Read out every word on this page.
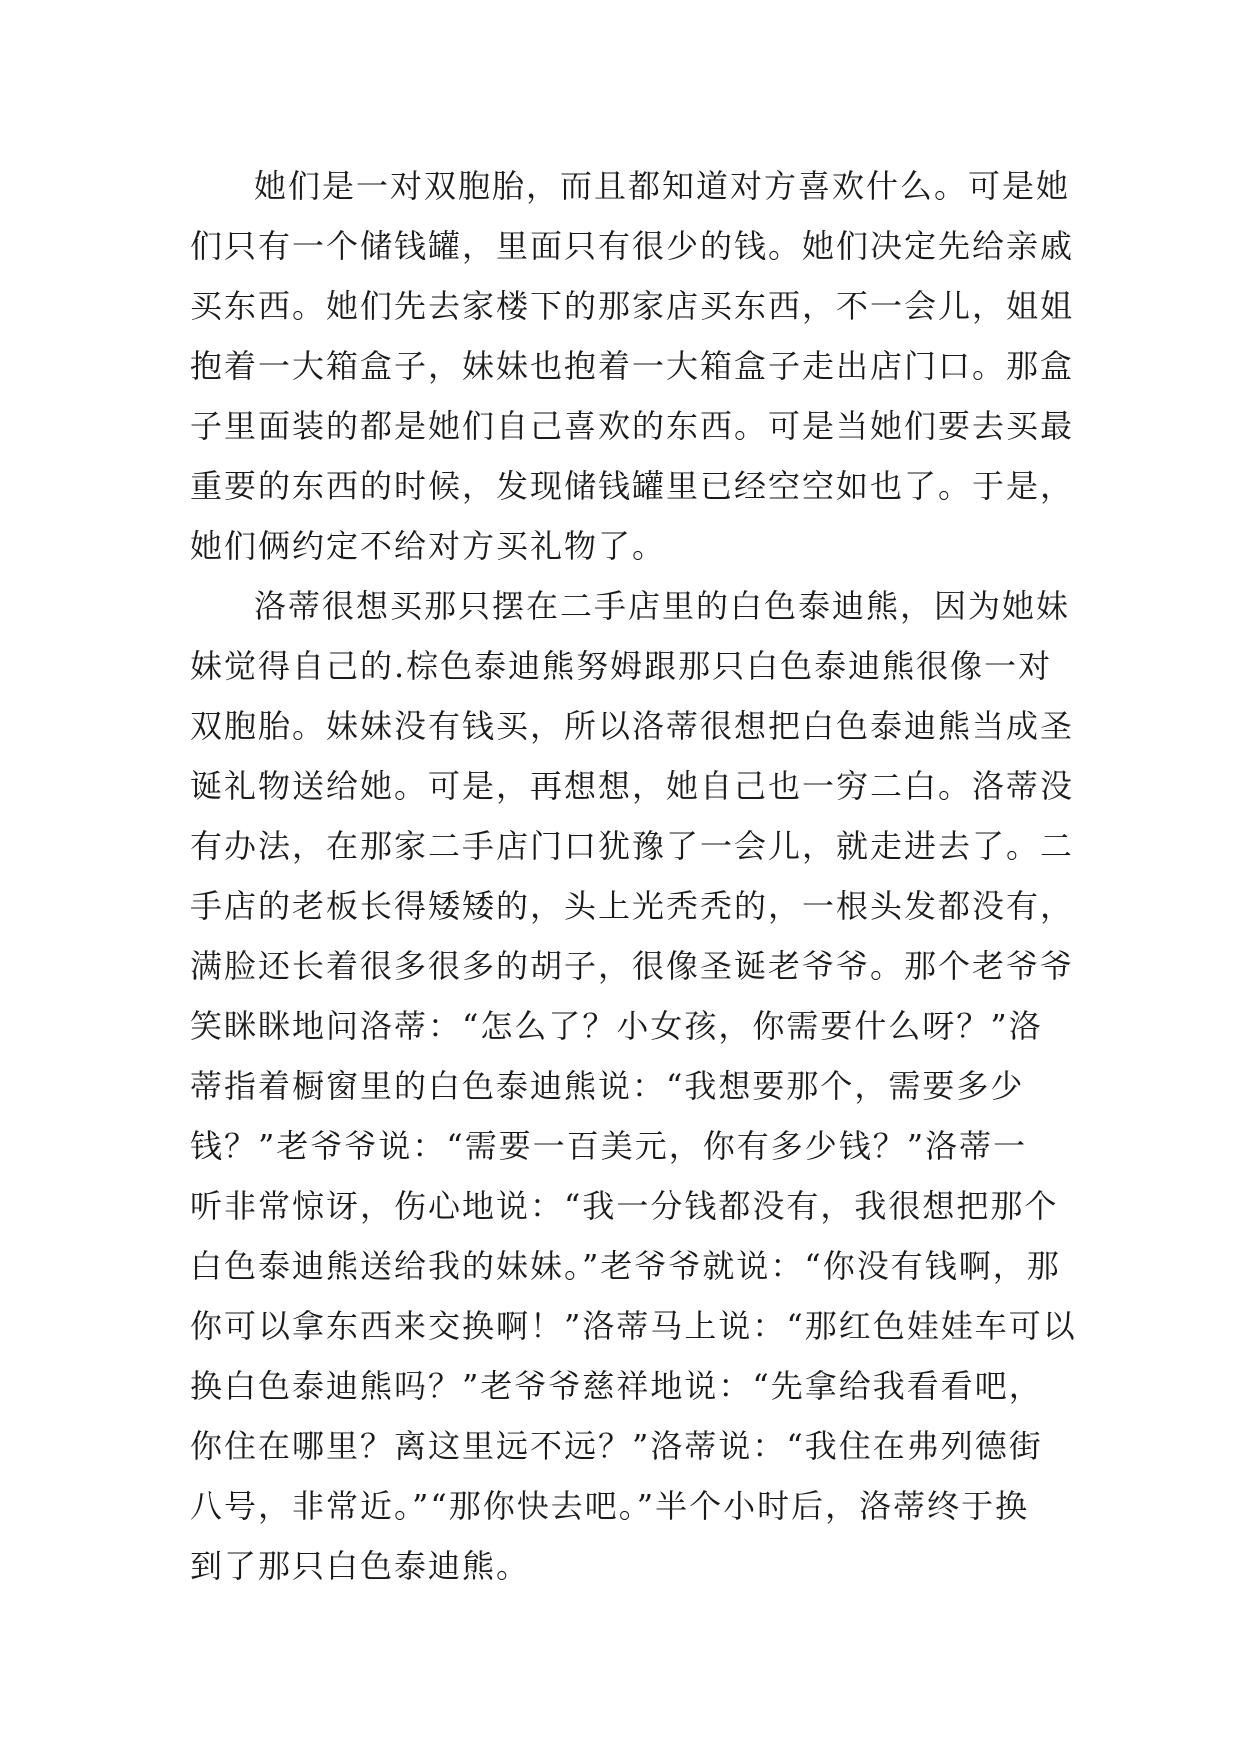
她们是一对双胞胎，而且都知道对方喜欢什么。可是她
们只有一个储钱罐，里面只有很少的钱。她们决定先给亲戚
买东西。她们先去家楼下的那家店买东西，不一会儿，姐姐
抱着一大箱盒子，妹妹也抱着一大箱盒子走出店门口。那盒
子里面装的都是她们自己喜欢的东西。可是当她们要去买最
重要的东西的时候，发现储钱罐里已经空空如也了。于是，
她们俩约定不给对方买礼物了。

洛蒂很想买那只摆在二手店里的白色泰迪熊，因为她妹
妹觉得自己的.棕色泰迪熊努姆跟那只白色泰迪熊很像一对
双胞胎。妹妹没有钱买，所以洛蒂很想把白色泰迪熊当成圣
诞礼物送给她。可是，再想想，她自己也一穷二白。洛蒂没
有办法，在那家二手店门口犹豫了一会儿，就走进去了。二
手店的老板长得矮矮的，头上光秃秃的，一根头发都没有，
满脸还长着很多很多的胡子，很像圣诞老爷爷。那个老爷爷
笑眯眯地问洛蒂：“怎么了？小女孩，你需要什么呀？”洛
蒂指着橱窗里的白色泰迪熊说：“我想要那个，需要多少
钱？”老爷爷说：“需要一百美元，你有多少钱？”洛蒂一
听非常惊讶，伤心地说：“我一分钱都没有，我很想把那个
白色泰迪熊送给我的妹妹。”老爷爷就说：“你没有钱啊，那
你可以拿东西来交换啊！”洛蒂马上说：“那红色娃娃车可以
换白色泰迪熊吗？”老爷爷慈祥地说：“先拿给我看看吧，
你住在哪里？离这里远不远？”洛蒂说：“我住在弗列德街
八号，非常近。”“那你快去吧。”半个小时后，洛蒂终于换
到了那只白色泰迪熊。
